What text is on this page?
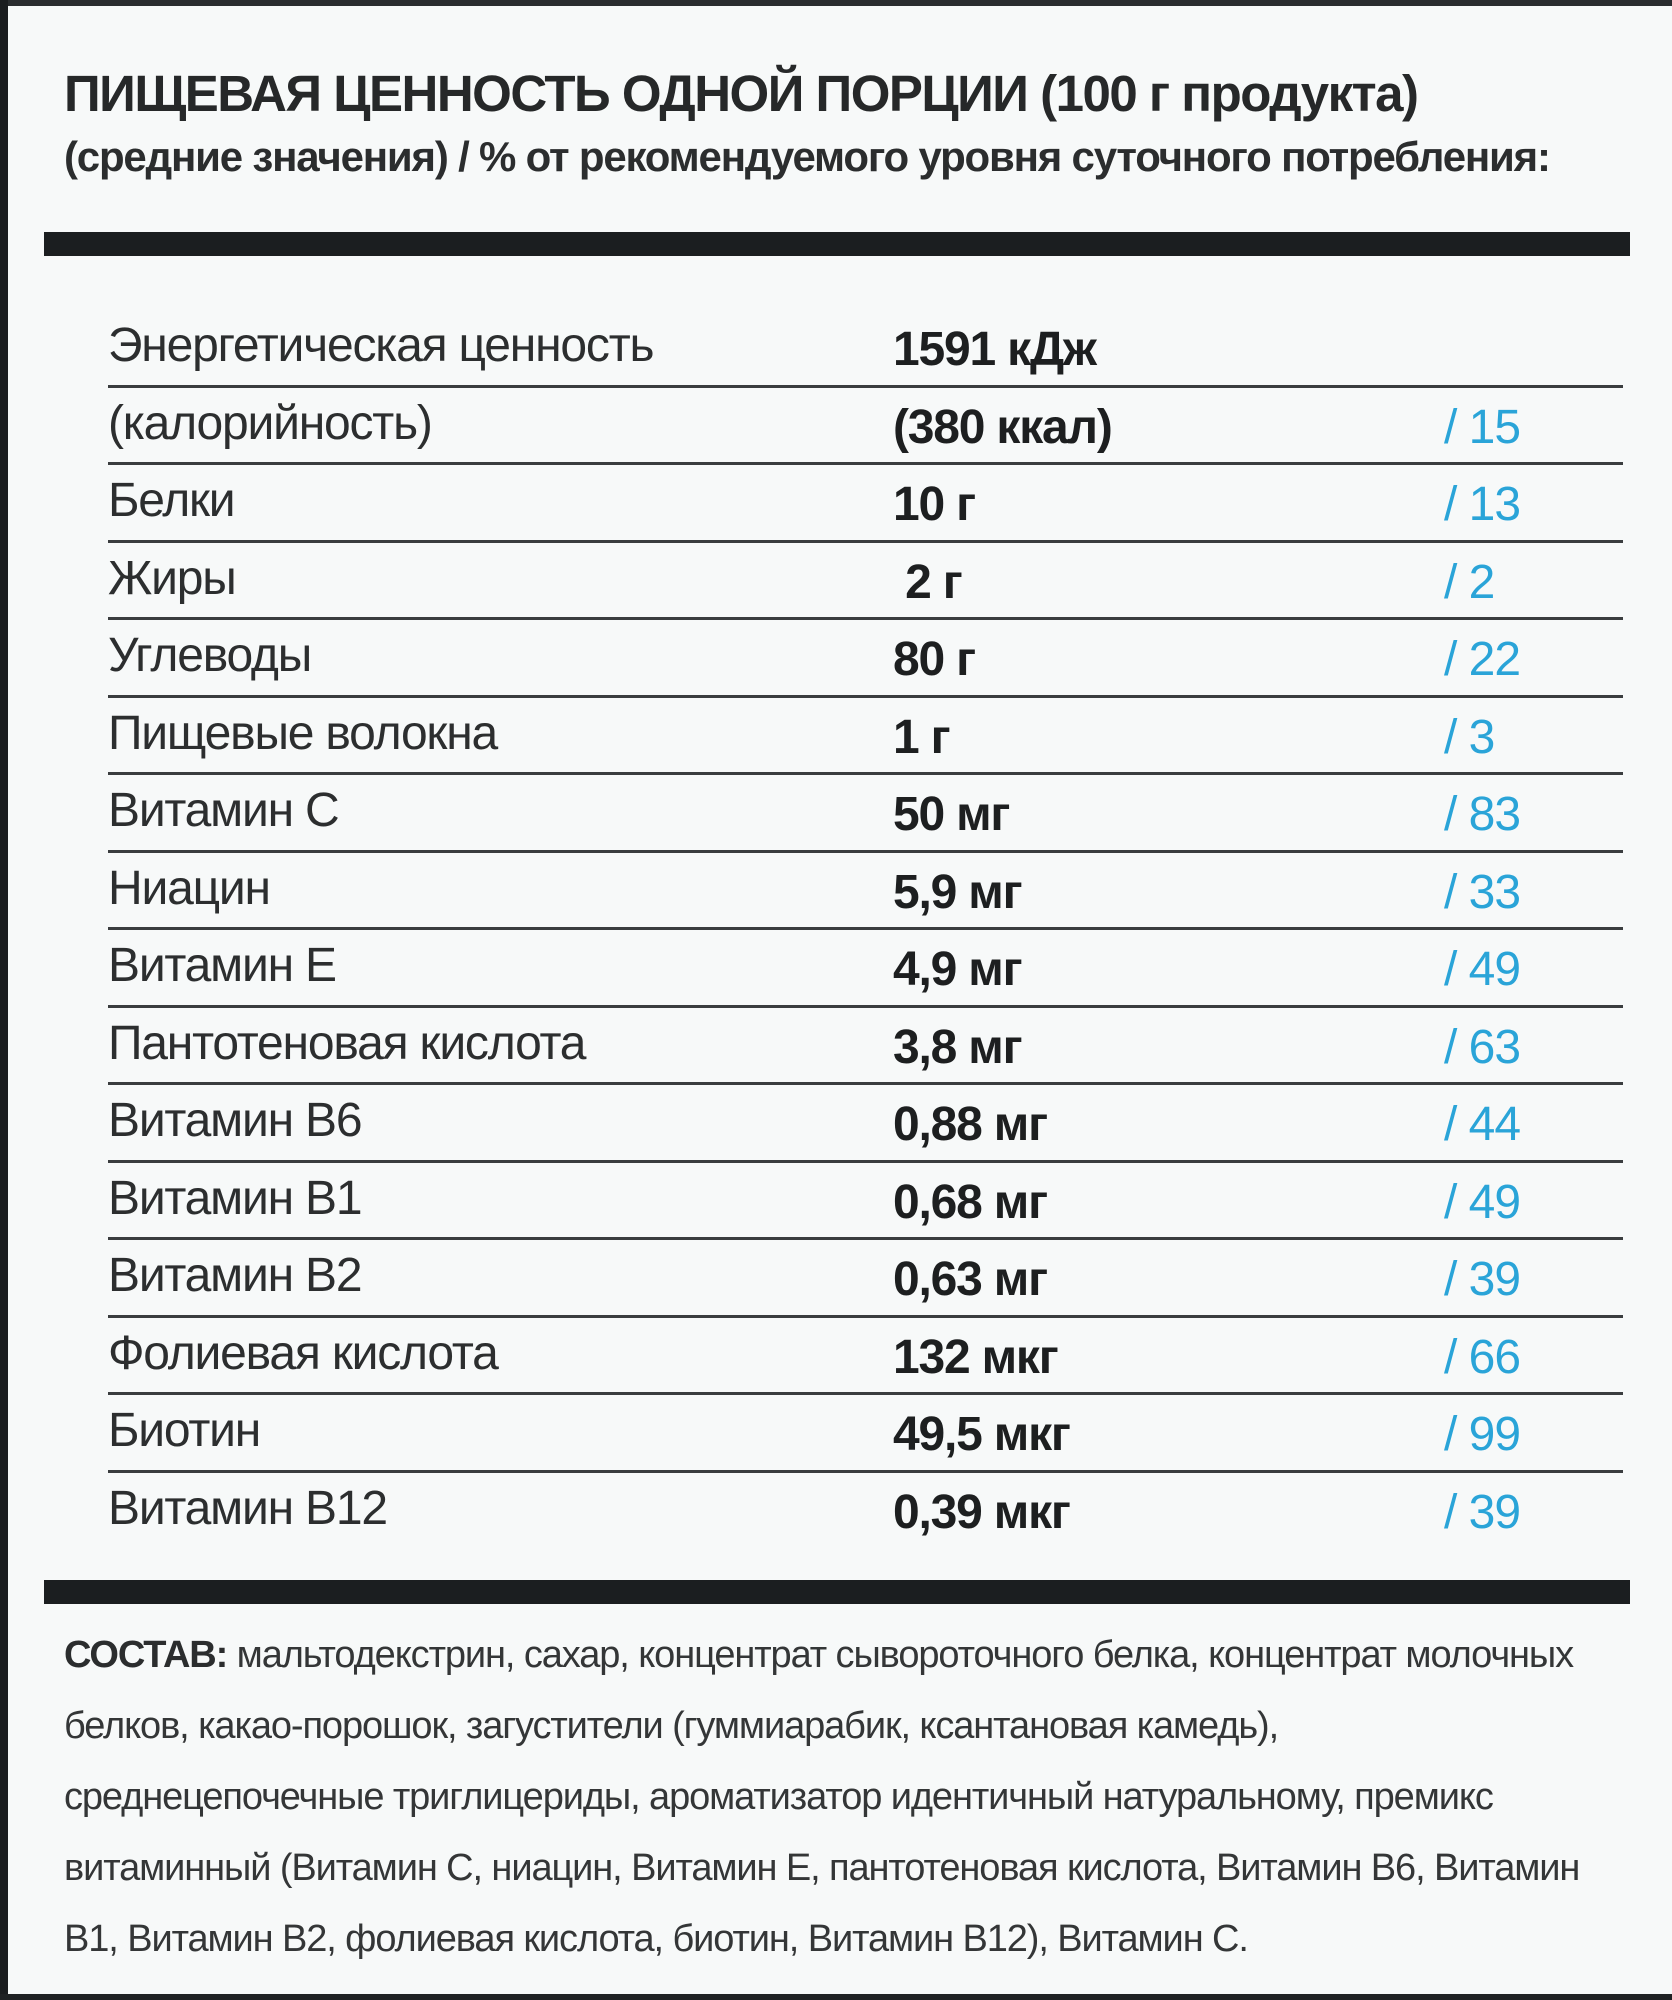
ПИЩЕВАЯ ЦЕННОСТЬ ОДНОЙ ПОРЦИИ (100 г продукта)
(средние значения) / % от рекомендуемого уровня суточного потребления:
Энергетическая ценность	1591 кДж
(калорийность)	(380 ккал)	/ 15
Белки	10 г	/ 13
Жиры	2 г	/ 2
Углеводы	80 г	/ 22
Пищевые волокна	1 г	/ 3
Витамин С	50 мг	/ 83
Ниацин	5,9 мг	/ 33
Витамин Е	4,9 мг	/ 49
Пантотеновая кислота	3,8 мг	/ 63
Витамин В6	0,88 мг	/ 44
Витамин В1	0,68 мг	/ 49
Витамин В2	0,63 мг	/ 39
Фолиевая кислота	132 мкг	/ 66
Биотин	49,5 мкг	/ 99
Витамин В12	0,39 мкг	/ 39
СОСТАВ: мальтодекстрин, сахар, концентрат сывороточного белка, концентрат молочных белков, какао-порошок, загустители (гуммиарабик, ксантановая камедь), среднецепочечные триглицериды, ароматизатор идентичный натуральному, премикс витаминный (Витамин С, ниацин, Витамин Е, пантотеновая кислота, Витамин В6, Витамин В1, Витамин В2, фолиевая кислота, биотин, Витамин В12), Витамин С.
